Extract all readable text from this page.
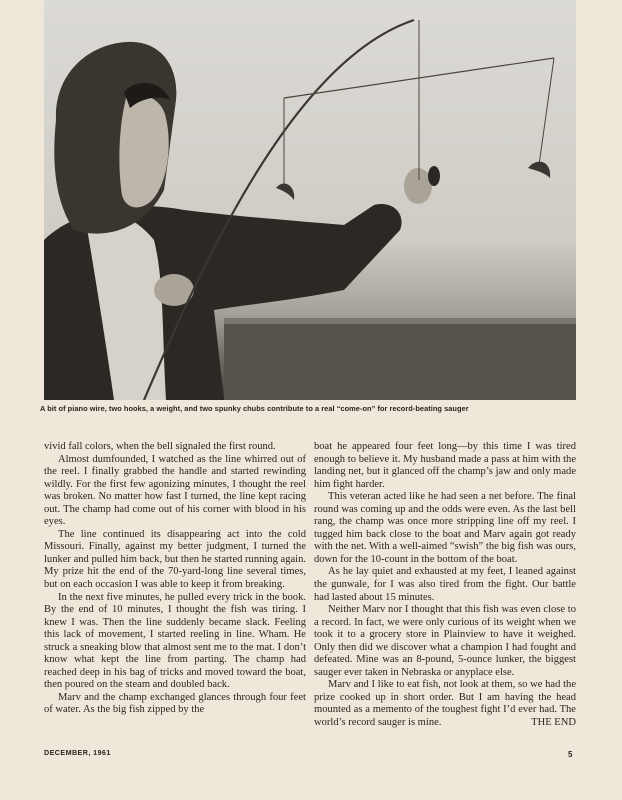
A bit of piano wire, two hooks, a weight, and two spunky chubs contribute to a real “come-on” for record-beating sauger

vivid fall colors, when the bell signaled the first round.

Almost dumfounded, I watched as the line whirred out of the reel. I finally grabbed the handle and started rewinding wildly. For the first few agonizing minutes, I thought the reel was broken. No matter how fast I turned, the line kept racing out. The champ had come out of his corner with blood in his eyes.

The line continued its disappearing act into the cold Missouri. Finally, against my better judgment, I turned the lunker and pulled him back, but then he started running again. My prize hit the end of the 70-yard-long line several times, but on each occasion I was able to keep it from breaking.

In the next five minutes, he pulled every trick in the book. By the end of 10 minutes, I thought the fish was tiring. I knew I was. Then the line suddenly became slack. Feeling this lack of movement, I started reeling in line. Wham. He struck a sneaking blow that almost sent me to the mat. I don’t know what kept the line from parting. The champ had reached deep in his bag of tricks and moved toward the boat, then poured on the steam and doubled back.

Marv and the champ exchanged glances through four feet of water. As the big fish zipped by the

boat he appeared four feet long—by this time I was tired enough to believe it. My husband made a pass at him with the landing net, but it glanced off the champ’s jaw and only made him fight harder.

This veteran acted like he had seen a net before. The final round was coming up and the odds were even. As the last bell rang, the champ was once more stripping line off my reel. I tugged him back close to the boat and Marv again got ready with the net. With a well-aimed “swish” the big fish was ours, down for the 10-count in the bottom of the boat.

As he lay quiet and exhausted at my feet, I leaned against the gunwale, for I was also tired from the fight. Our battle had lasted about 15 minutes.

Neither Marv nor I thought that this fish was even close to a record. In fact, we were only curious of its weight when we took it to a grocery store in Plainview to have it weighed. Only then did we discover what a champion I had fought and defeated. Mine was an 8-pound, 5-ounce lunker, the biggest sauger ever taken in Nebraska or anyplace else.

Marv and I like to eat fish, not look at them, so we had the prize cooked up in short order. But I am having the head mounted as a memento of the toughest fight I’d ever had. The world’s record sauger is mine.	THE END

DECEMBER, 1961	5
